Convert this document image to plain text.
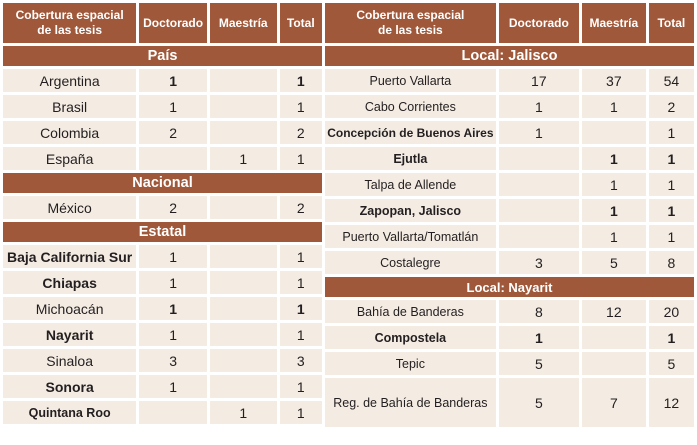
Cobertura espacial de las tesis	Doctorado	Maestría	Total
País			
Argentina	1		1
Brasil	1		1
Colombia	2		2
España		1	1
Nacional			
México	2		2
Estatal			
Baja California Sur	1		1
Chiapas	1		1
Michoacán	1		1
Nayarit	1		1
Sinaloa	3		3
Sonora	1		1
Quintana Roo		1	1
Cobertura espacial de las tesis	Doctorado	Maestría	Total
Local: Jalisco			
Puerto Vallarta	17	37	54
Cabo Corrientes	1	1	2
Concepción de Buenos Aires	1		1
Ejutla		1	1
Talpa de Allende		1	1
Zapopan, Jalisco		1	1
Puerto Vallarta/Tomatlán		1	1
Costalegre	3	5	8
Local: Nayarit			
Bahía de Banderas	8	12	20
Compostela	1		1
Tepic	5		5
Reg. de Bahía de Banderas	5	7	12
